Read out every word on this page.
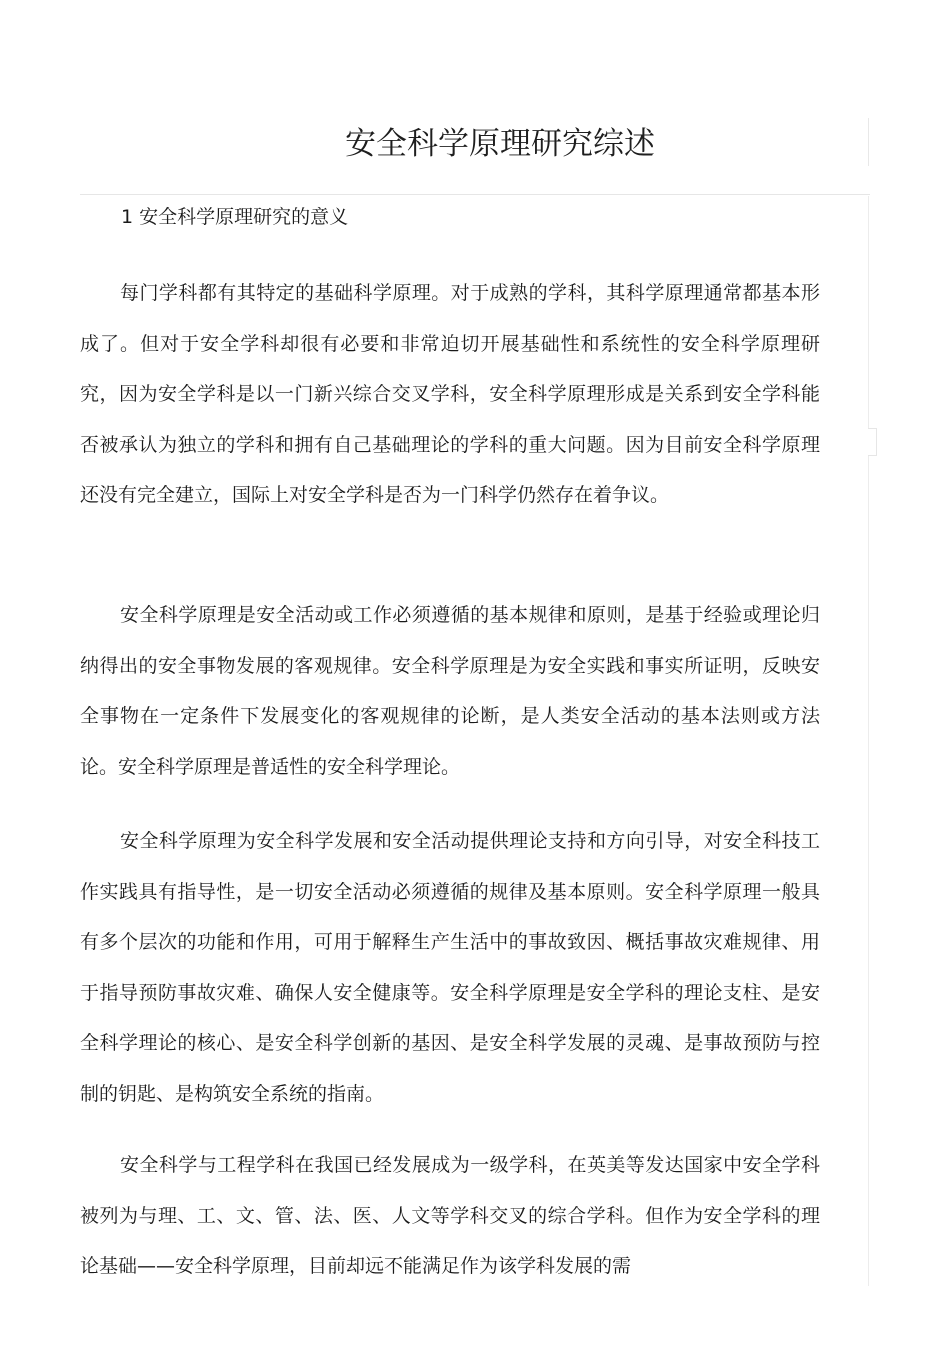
安全科学原理研究综述
1 安全科学原理研究的意义

每门学科都有其特定的基础科学原理。对于成熟的学科，其科学原理通常都基本形成了。但对于安全学科却很有必要和非常迫切开展基础性和系统性的安全科学原理研究，因为安全学科是以一门新兴综合交叉学科，安全科学原理形成是关系到安全学科能否被承认为独立的学科和拥有自己基础理论的学科的重大问题。因为目前安全科学原理还没有完全建立，国际上对安全学科是否为一门科学仍然存在着争议。

安全科学原理是安全活动或工作必须遵循的基本规律和原则，是基于经验或理论归纳得出的安全事物发展的客观规律。安全科学原理是为安全实践和事实所证明，反映安全事物在一定条件下发展变化的客观规律的论断，是人类安全活动的基本法则或方法论。安全科学原理是普适性的安全科学理论。

安全科学原理为安全科学发展和安全活动提供理论支持和方向引导，对安全科技工作实践具有指导性，是一切安全活动必须遵循的规律及基本原则。安全科学原理一般具有多个层次的功能和作用，可用于解释生产生活中的事故致因、概括事故灾难规律、用于指导预防事故灾难、确保人安全健康等。安全科学原理是安全学科的理论支柱、是安全科学理论的核心、是安全科学创新的基因、是安全科学发展的灵魂、是事故预防与控制的钥匙、是构筑安全系统的指南。

安全科学与工程学科在我国已经发展成为一级学科，在英美等发达国家中安全学科被列为与理、工、文、管、法、医、人文等学科交叉的综合学科。但作为安全学科的理论基础——安全科学原理，目前却远不能满足作为该学科发展的需
